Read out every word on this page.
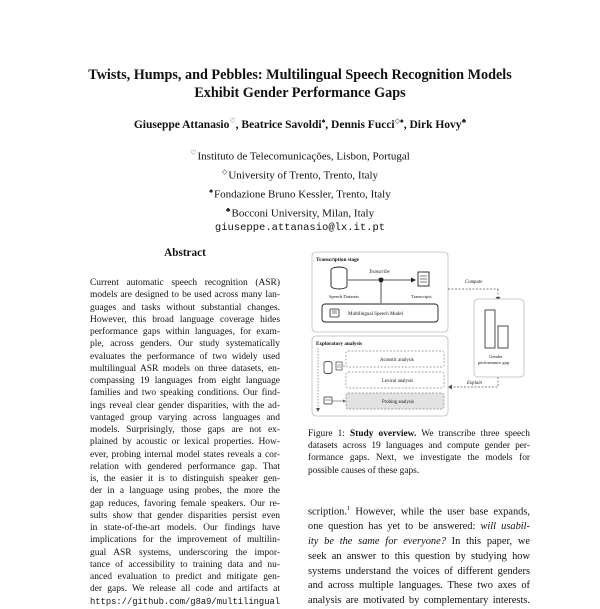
Twists, Humps, and Pebbles: Multilingual Speech Recognition Models
Exhibit Gender Performance Gaps
Giuseppe Attanasio♡, Beatrice Savoldi♠, Dennis Fucci◇♠, Dirk Hovy♣
♡Instituto de Telecomunicações, Lisbon, Portugal
◇University of Trento, Trento, Italy
♠Fondazione Bruno Kessler, Trento, Italy
♣Bocconi University, Milan, Italy
giuseppe.attanasio@lx.it.pt
Abstract
Current automatic speech recognition (ASR)
models are designed to be used across many lan-
guages and tasks without substantial changes.
However, this broad language coverage hides
performance gaps within languages, for exam-
ple, across genders. Our study systematically
evaluates the performance of two widely used
multilingual ASR models on three datasets, en-
compassing 19 languages from eight language
families and two speaking conditions. Our find-
ings reveal clear gender disparities, with the ad-
vantaged group varying across languages and
models. Surprisingly, those gaps are not ex-
plained by acoustic or lexical properties. How-
ever, probing internal model states reveals a cor-
relation with gendered performance gap. That
is, the easier it is to distinguish speaker gen-
der in a language using probes, the more the
gap reduces, favoring female speakers. Our re-
sults show that gender disparities persist even
in state-of-the-art models. Our findings have
implications for the improvement of multilin-
gual ASR systems, underscoring the impor-
tance of accessibility to training data and nu-
anced evaluation to predict and mitigate gen-
der gaps. We release all code and artifacts at
https://github.com/g8a9/multilingual
Transcription stage
Speech Datasets
Transcribe
Transcripts
Multilingual Speech Model
Compute
Gender
performance gap
Explain
Exploratory analysis
Acoustic analysis
Lexical analysis
Probing analysis
Figure 1: Study overview. We transcribe three speech
datasets across 19 languages and compute gender per-
formance gaps. Next, we investigate the models for
possible causes of these gaps.
scription.$^1$ However, while the user base expands,
one question has yet to be answered: will usabil-
ity be the same for everyone? In this paper, we
seek an answer to this question by studying how
systems understand the voices of different genders
and across multiple languages. These two axes of
analysis are motivated by complementary interests.
